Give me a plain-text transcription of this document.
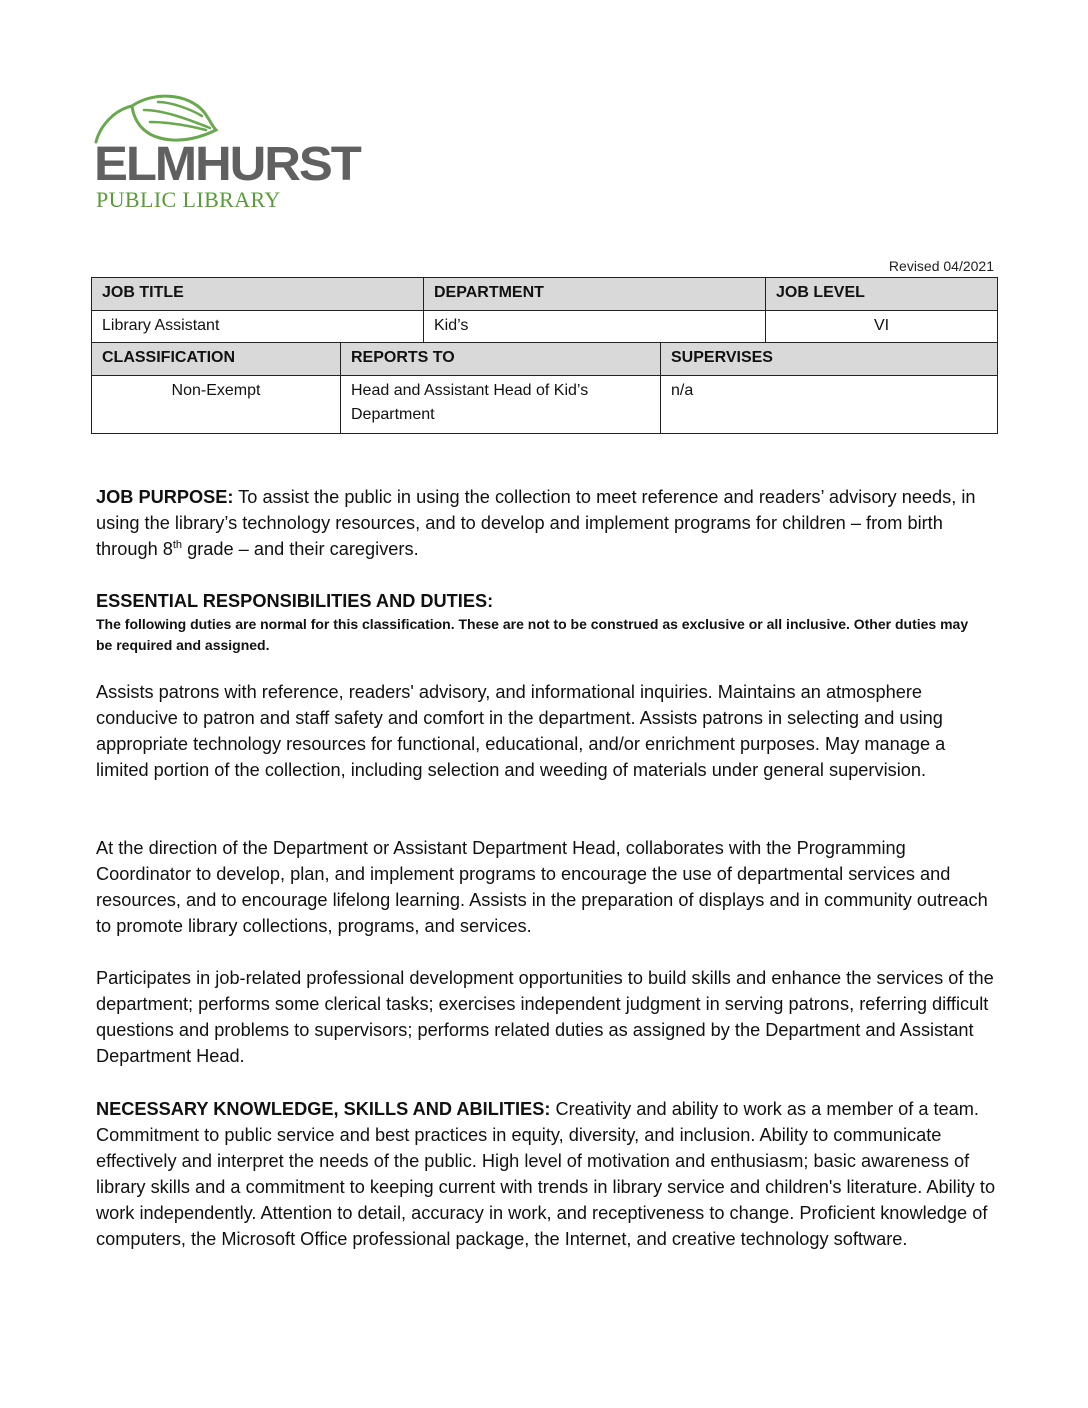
ELMHURST
PUBLIC LIBRARY
Revised 04/2021
JOB TITLE	DEPARTMENT	JOB LEVEL
Library Assistant	Kid’s	VI
CLASSIFICATION	REPORTS TO	SUPERVISES
Non-Exempt	Head and Assistant Head of Kid’s Department	n/a
JOB PURPOSE: To assist the public in using the collection to meet reference and readers’ advisory needs, in using the library’s technology resources, and to develop and implement programs for children – from birth through 8th grade – and their caregivers.
ESSENTIAL RESPONSIBILITIES AND DUTIES:
The following duties are normal for this classification. These are not to be construed as exclusive or all inclusive. Other duties may be required and assigned.
Assists patrons with reference, readers' advisory, and informational inquiries. Maintains an atmosphere conducive to patron and staff safety and comfort in the department. Assists patrons in selecting and using appropriate technology resources for functional, educational, and/or enrichment purposes. May manage a limited portion of the collection, including selection and weeding of materials under general supervision.
At the direction of the Department or Assistant Department Head, collaborates with the Programming Coordinator to develop, plan, and implement programs to encourage the use of departmental services and resources, and to encourage lifelong learning. Assists in the preparation of displays and in community outreach to promote library collections, programs, and services.
Participates in job-related professional development opportunities to build skills and enhance the services of the department; performs some clerical tasks; exercises independent judgment in serving patrons, referring difficult questions and problems to supervisors; performs related duties as assigned by the Department and Assistant Department Head.
NECESSARY KNOWLEDGE, SKILLS AND ABILITIES: Creativity and ability to work as a member of a team. Commitment to public service and best practices in equity, diversity, and inclusion. Ability to communicate effectively and interpret the needs of the public. High level of motivation and enthusiasm; basic awareness of library skills and a commitment to keeping current with trends in library service and children's literature. Ability to work independently. Attention to detail, accuracy in work, and receptiveness to change. Proficient knowledge of computers, the Microsoft Office professional package, the Internet, and creative technology software.
